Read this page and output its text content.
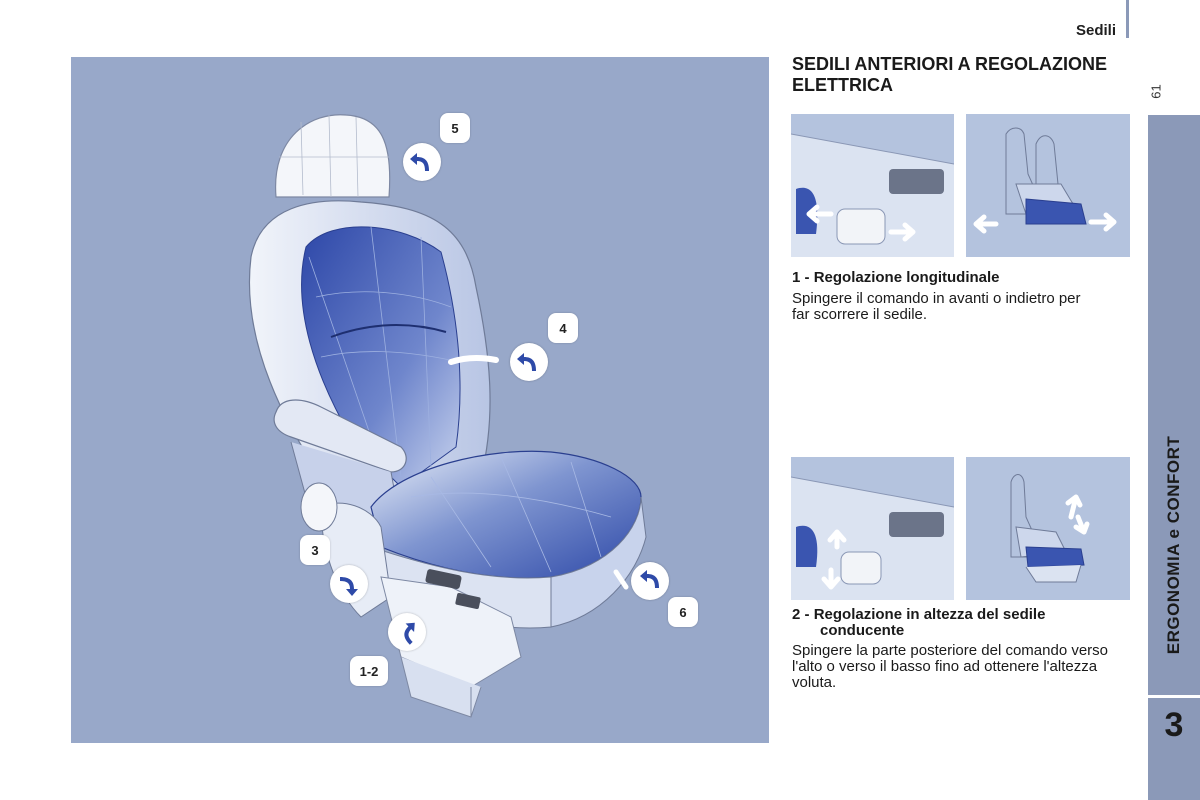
Sedili
61
ERGONOMIA e CONFORT
3
5
4
3
6
1-2
SEDILI ANTERIORI A REGOLAZIONE ELETTRICA
1 - Regolazione longitudinale
Spingere il comando in avanti o indietro per far scorrere il sedile.
2 - Regolazione in altezza del sedile
conducente
Spingere la parte posteriore del comando verso l'alto o verso il basso fino ad ottenere l'altezza voluta.
